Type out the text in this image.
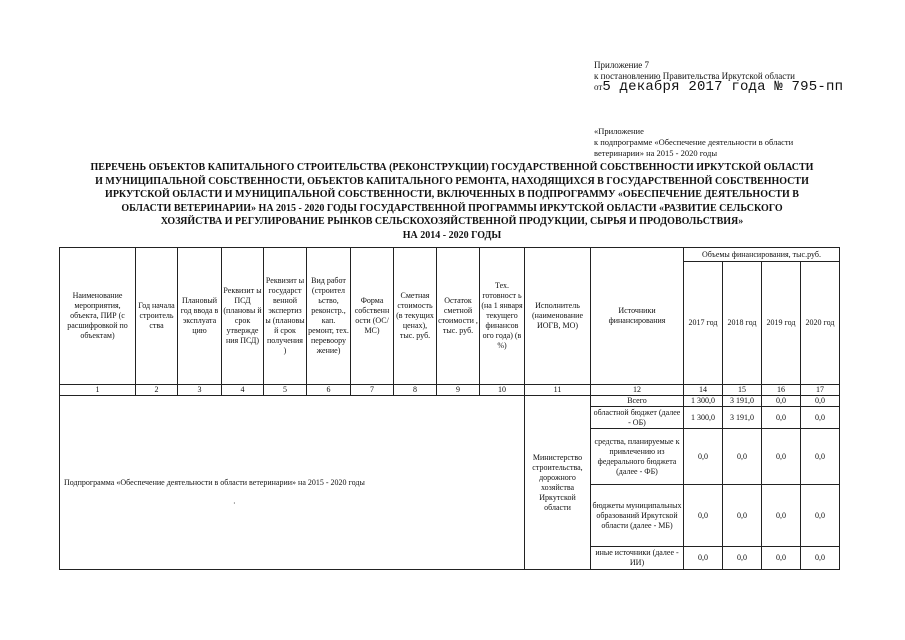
Приложение 7
к постановлению Правительства Иркутской области
от5 декабря 2017 года № 795-пп
«Приложение
к подпрограмме «Обеспечение деятельности в области
ветеринарии» на 2015 - 2020 годы
ПЕРЕЧЕНЬ ОБЪЕКТОВ КАПИТАЛЬНОГО СТРОИТЕЛЬСТВА (РЕКОНСТРУКЦИИ) ГОСУДАРСТВЕННОЙ СОБСТВЕННОСТИ ИРКУТСКОЙ ОБЛАСТИ
И МУНИЦИПАЛЬНОЙ СОБСТВЕННОСТИ, ОБЪЕКТОВ КАПИТАЛЬНОГО РЕМОНТА, НАХОДЯЩИХСЯ В ГОСУДАРСТВЕННОЙ СОБСТВЕННОСТИ
ИРКУТСКОЙ ОБЛАСТИ И МУНИЦИПАЛЬНОЙ СОБСТВЕННОСТИ, ВКЛЮЧЕННЫХ В ПОДПРОГРАММУ «ОБЕСПЕЧЕНИЕ ДЕЯТЕЛЬНОСТИ В
ОБЛАСТИ ВЕТЕРИНАРИИ» НА 2015 - 2020 ГОДЫ ГОСУДАРСТВЕННОЙ ПРОГРАММЫ ИРКУТСКОЙ ОБЛАСТИ «РАЗВИТИЕ СЕЛЬСКОГО
ХОЗЯЙСТВА И РЕГУЛИРОВАНИЕ РЫНКОВ СЕЛЬСКОХОЗЯЙСТВЕННОЙ ПРОДУКЦИИ, СЫРЬЯ И ПРОДОВОЛЬСТВИЯ»
НА 2014 - 2020 ГОДЫ
Наименование мероприятия, объекта, ПИР (с расшифровкой по объектам)	Год начала строитель ства	Плановый год ввода в эксплуата цию	Реквизит ы ПСД (плановы й срок утвержде ния ПСД)	Реквизит ы государст венной экспертиз ы (плановы й срок получения )	Вид работ (строител ьство, реконстр., кап. ремонт, тех. перевоору жение)	Форма собственн ости (ОС/МС)	Сметная стоимость (в текущих ценах), тыс. руб.	Остаток сметной стоимости , тыс. руб.	Тех. готовност ь (на 1 января текущего финансов ого года) (в %)	Исполнитель (наименование ИОГВ, МО)	Источники финансирования	Объемы финансирования, тыс.руб.			
												2017 год	2018 год	2019 год	2020 год
1	2	3	4	5	6	7	8	9	10	11	12	14	15	16	17
Подпрограмма «Обеспечение деятельности в области ветеринарии» на 2015 - 2020 годы										Министерство строительства, дорожного хозяйства Иркутской области	Всего	1 300,0	3 191,0	0,0	0,0
											областной бюджет (далее - ОБ)	1 300,0	3 191,0	0,0	0,0
											средства, планируемые к привлечению из федерального бюджета (далее - ФБ)	0,0	0,0	0,0	0,0
											бюджеты муниципальных образований Иркутской области (далее - МБ)	0,0	0,0	0,0	0,0
											иные источники (далее - ИИ)	0,0	0,0	0,0	0,0
·
